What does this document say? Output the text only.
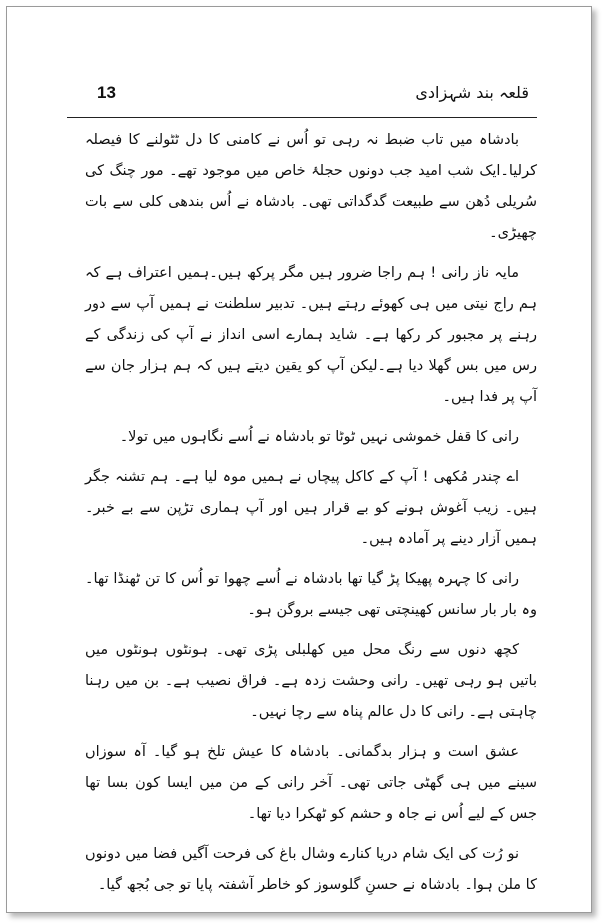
13	قلعہ بند شہزادی

بادشاہ میں تاب ضبط نہ رہی تو اُس نے کامنی کا دل ٹٹولنے کا فیصلہ کرلیا۔ایک شب امید جب دونوں حجلۂ خاص میں موجود تھے۔ مور چنگ کی سُریلی دُھن سے طبیعت گدگداتی تھی۔ بادشاہ نے اُس بندھی کلی سے بات چھیڑی۔

مایہ ناز رانی ! ہم راجا ضرور ہیں مگر پرکھ ہیں۔ہمیں اعتراف ہے کہ ہم راج نیتی میں ہی کھوئے رہتے ہیں۔ تدبیر سلطنت نے ہمیں آپ سے دور رہنے پر مجبور کر رکھا ہے۔ شاید ہمارے اسی انداز نے آپ کی زندگی کے رس میں بس گھلا دیا ہے۔لیکن آپ کو یقین دیتے ہیں کہ ہم ہزار جان سے آپ پر فدا ہیں۔

رانی کا قفل خموشی نہیں ٹوٹا تو بادشاہ نے اُسے نگاہوں میں تولا۔

اے چندر مُکھی ! آپ کے کاکل پیچاں نے ہمیں موہ لیا ہے۔ ہم تشنہ جگر ہیں۔ زیب آغوش ہونے کو بے قرار ہیں اور آپ ہماری تڑپن سے بے خبر۔ہمیں آزار دینے پر آمادہ ہیں۔

رانی کا چہرہ پھیکا پڑ گیا تھا بادشاہ نے اُسے چھوا تو اُس کا تن ٹھنڈا تھا۔ وہ بار بار سانس کھینچتی تھی جیسے بروگن ہو۔

کچھ دنوں سے رنگ محل میں کھلبلی پڑی تھی۔ ہونٹوں ہونٹوں میں باتیں ہو رہی تھیں۔ رانی وحشت زدہ ہے۔ فراق نصیب ہے۔ بن میں رہنا چاہتی ہے۔ رانی کا دل عالم پناہ سے رچا نہیں۔

عشق است و ہزار بدگمانی۔ بادشاہ کا عیش تلخ ہو گیا۔ آہ سوزاں سینے میں ہی گھٹی جاتی تھی۔ آخر رانی کے من میں ایسا کون بسا تھا جس کے لیے اُس نے جاہ و حشم کو ٹھکرا دیا تھا۔

نو رُت کی ایک شام دریا کنارے وشال باغ کی فرحت آگیں فضا میں دونوں کا ملن ہوا۔ بادشاہ نے حسنِ گلوسوز کو خاطر آشفتہ پایا تو جی بُجھ گیا۔
